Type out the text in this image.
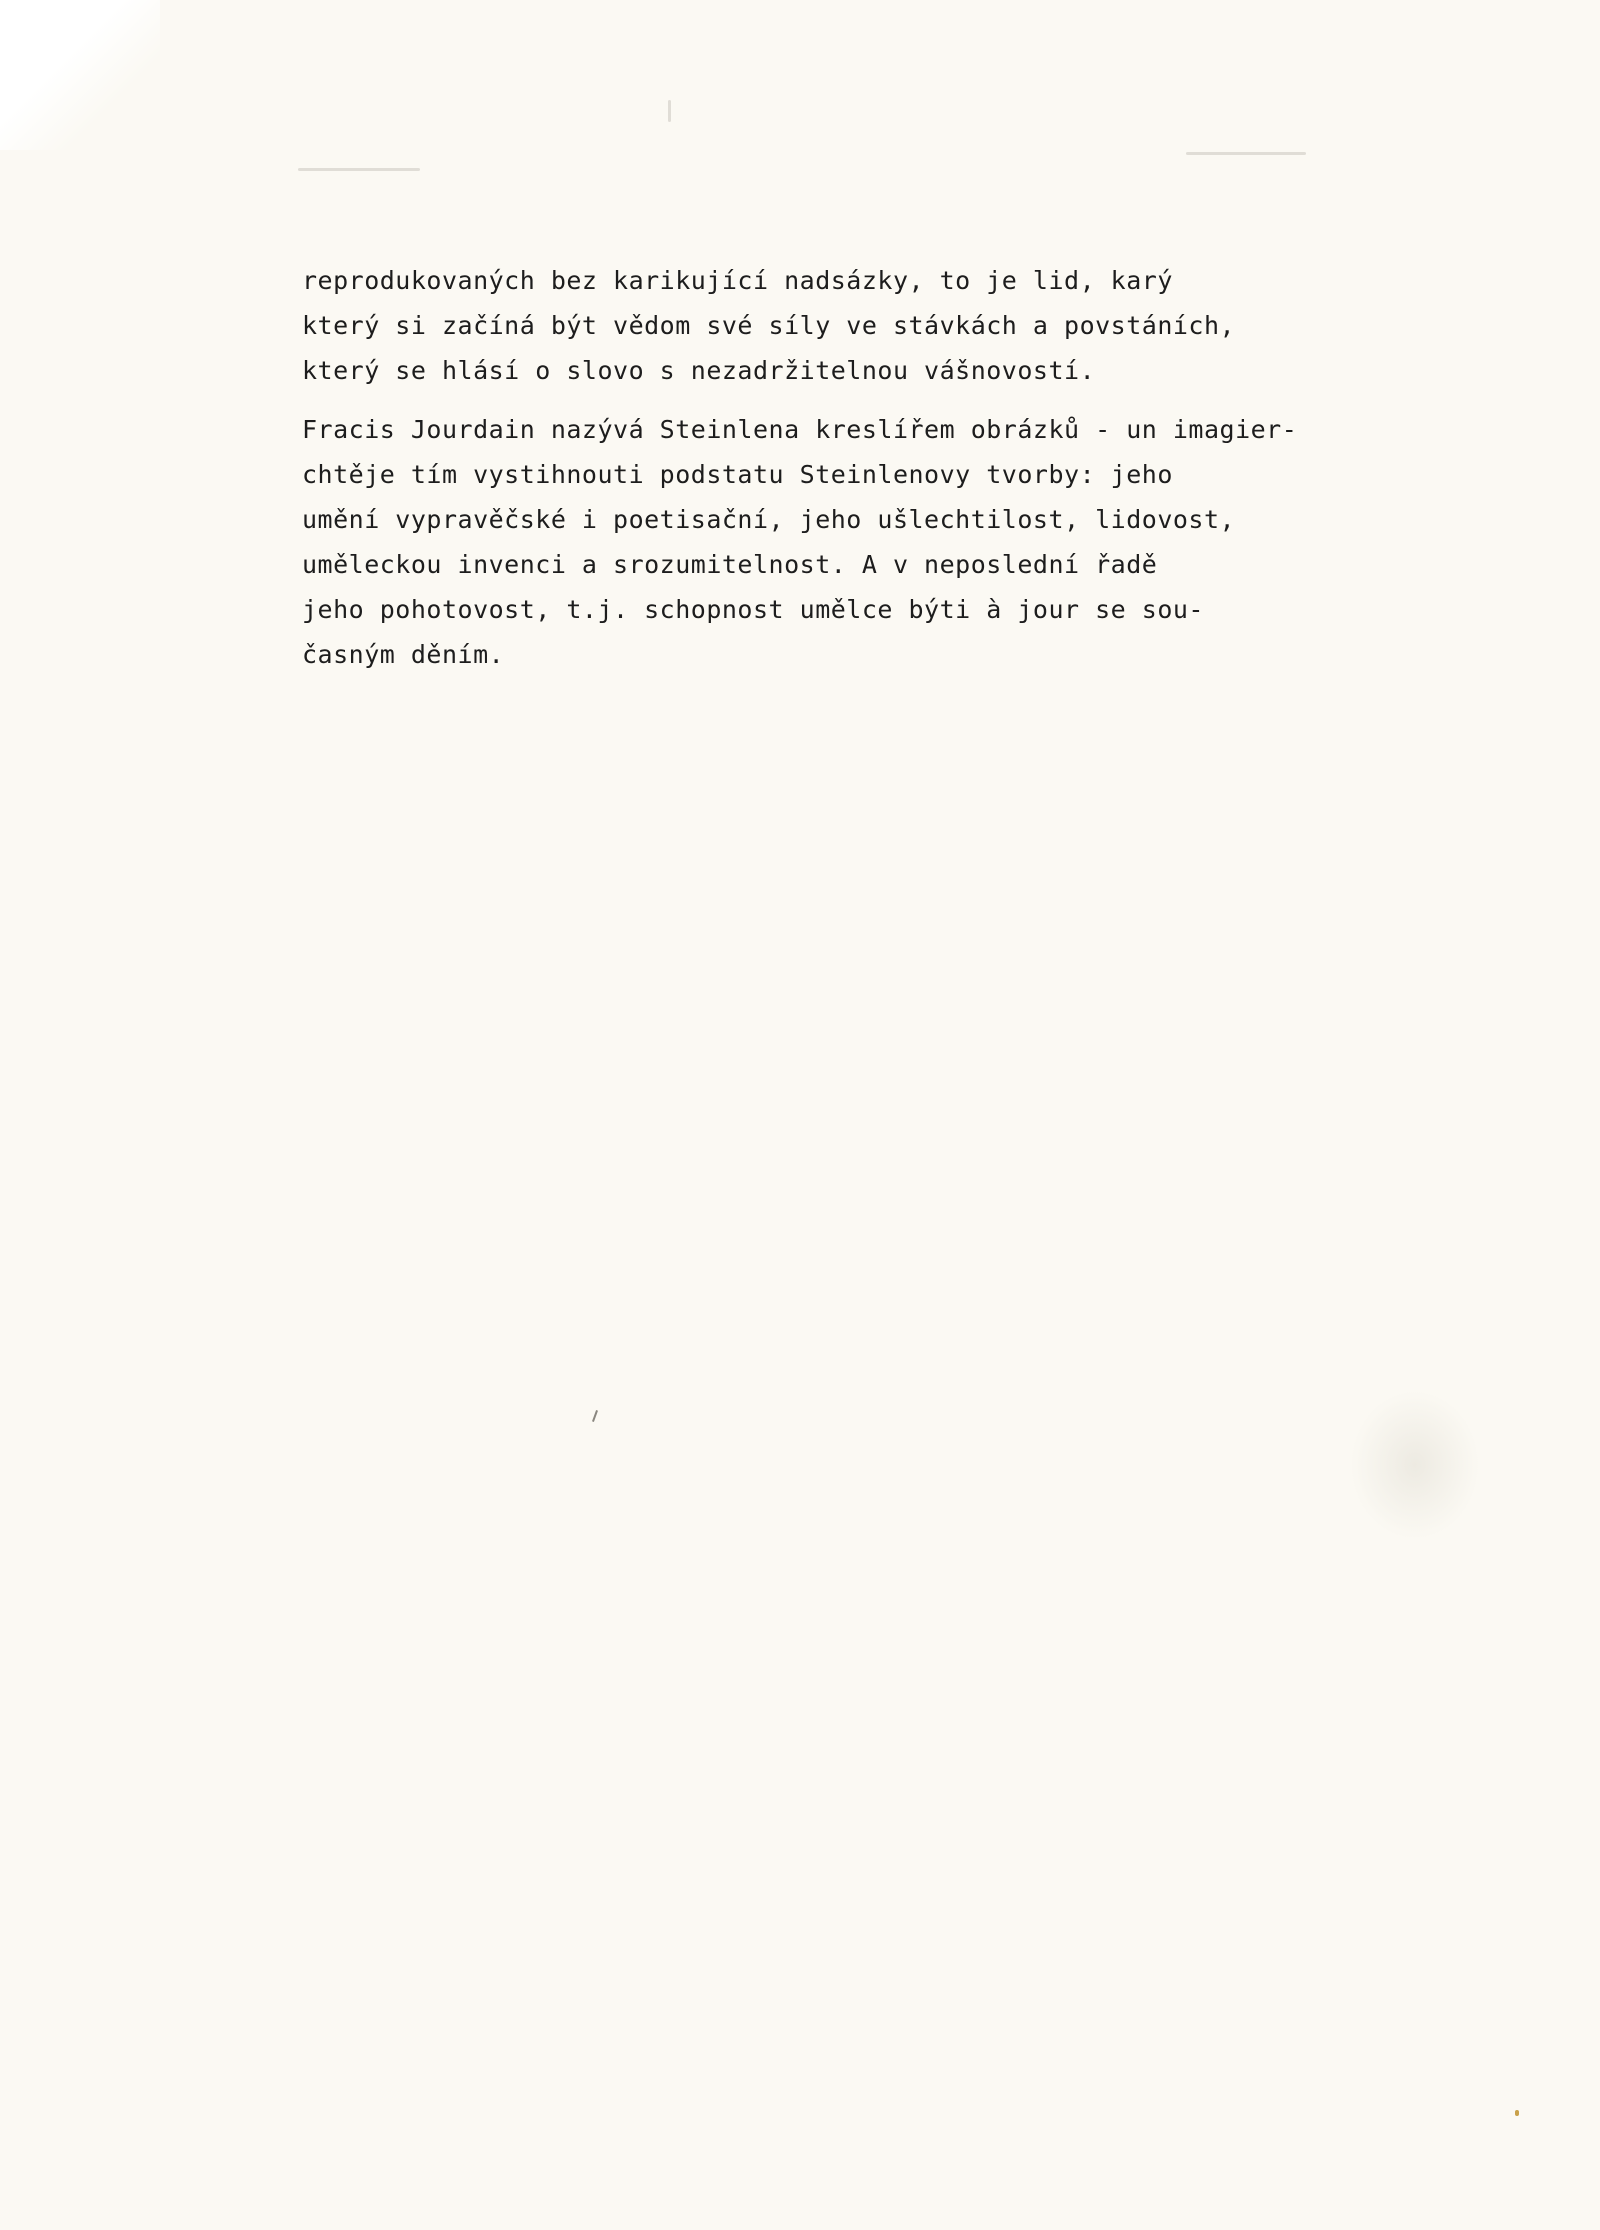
reprodukovaných bez karikující nadsázky, to je lid, karý
který si začíná být vědom své síly ve stávkách a povstáních,
který se hlásí o slovo s nezadržitelnou vášnovostí.

Fracis Jourdain nazývá Steinlena kreslířem obrázků - un imagier-
chtěje tím vystihnouti podstatu Steinlenovy tvorby: jeho
umění vypravěčské i poetisační, jeho ušlechtilost, lidovost,
uměleckou invenci a srozumitelnost. A v neposlední řadě
jeho pohotovost, t.j. schopnost umělce býti à jour se sou-
časným děním.
